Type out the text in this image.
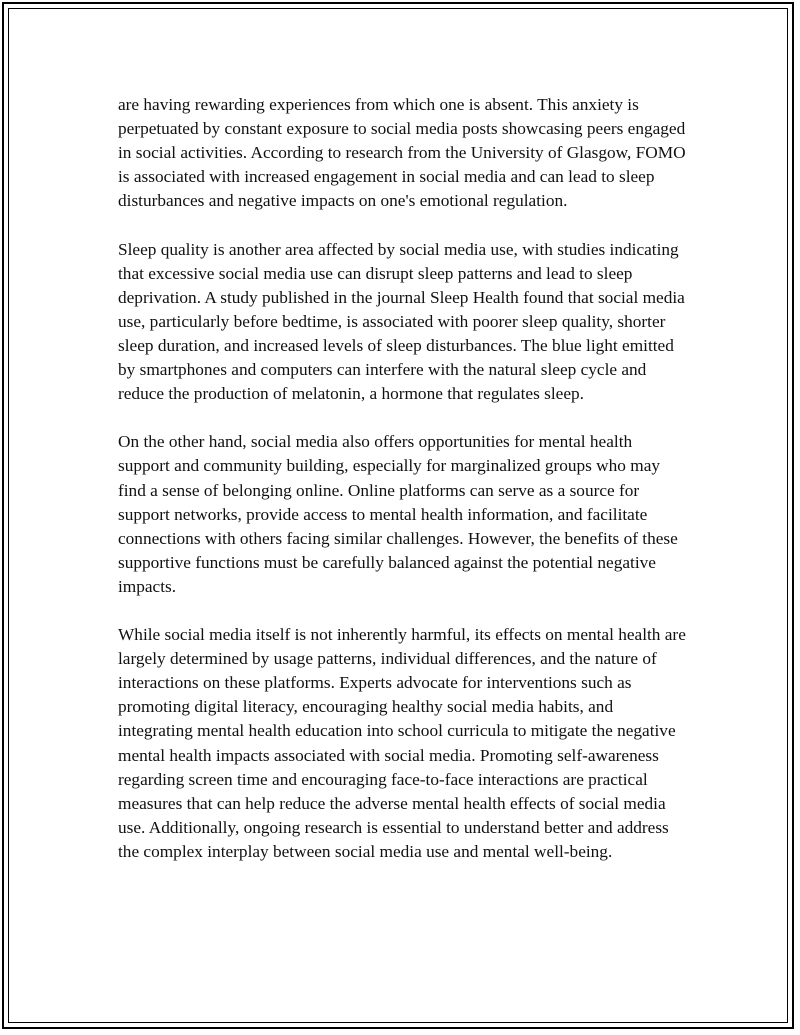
are having rewarding experiences from which one is absent. This anxiety is perpetuated by constant exposure to social media posts showcasing peers engaged in social activities. According to research from the University of Glasgow, FOMO is associated with increased engagement in social media and can lead to sleep disturbances and negative impacts on one's emotional regulation.

Sleep quality is another area affected by social media use, with studies indicating that excessive social media use can disrupt sleep patterns and lead to sleep deprivation. A study published in the journal Sleep Health found that social media use, particularly before bedtime, is associated with poorer sleep quality, shorter sleep duration, and increased levels of sleep disturbances. The blue light emitted by smartphones and computers can interfere with the natural sleep cycle and reduce the production of melatonin, a hormone that regulates sleep.

On the other hand, social media also offers opportunities for mental health support and community building, especially for marginalized groups who may find a sense of belonging online. Online platforms can serve as a source for support networks, provide access to mental health information, and facilitate connections with others facing similar challenges. However, the benefits of these supportive functions must be carefully balanced against the potential negative impacts.

While social media itself is not inherently harmful, its effects on mental health are largely determined by usage patterns, individual differences, and the nature of interactions on these platforms. Experts advocate for interventions such as promoting digital literacy, encouraging healthy social media habits, and integrating mental health education into school curricula to mitigate the negative mental health impacts associated with social media. Promoting self-awareness regarding screen time and encouraging face-to-face interactions are practical measures that can help reduce the adverse mental health effects of social media use. Additionally, ongoing research is essential to understand better and address the complex interplay between social media use and mental well-being.
